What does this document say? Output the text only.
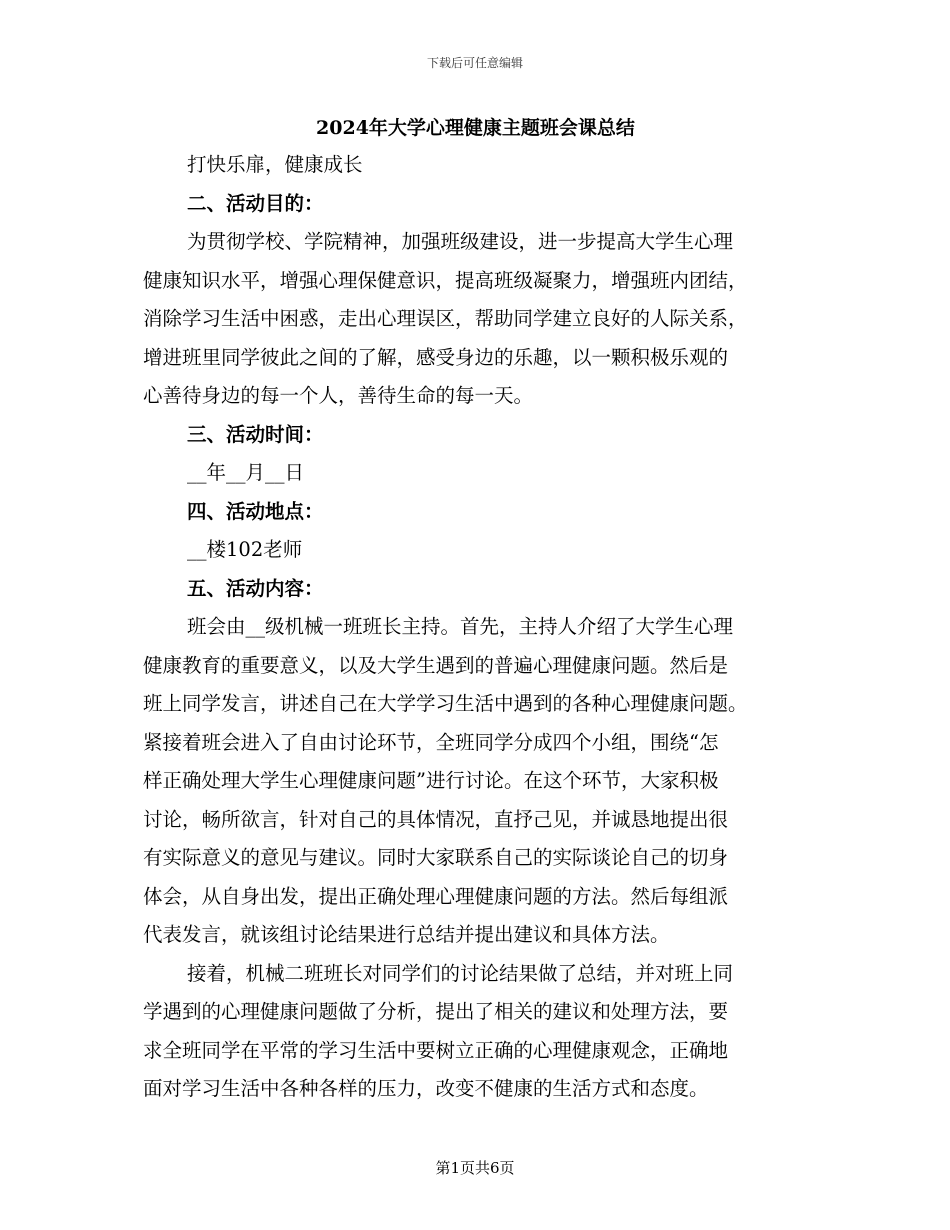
下载后可任意编辑
2024年大学心理健康主题班会课总结
打快乐扉，健康成长
二、活动目的：
为贯彻学校、学院精神，加强班级建设，进一步提高大学生心理
健康知识水平，增强心理保健意识，提高班级凝聚力，增强班内团结，
消除学习生活中困惑，走出心理误区，帮助同学建立良好的人际关系，
增进班里同学彼此之间的了解，感受身边的乐趣，以一颗积极乐观的
心善待身边的每一个人，善待生命的每一天。
三、活动时间：
__年__月__日
四、活动地点：
__楼102老师
五、活动内容：
班会由__级机械一班班长主持。首先，主持人介绍了大学生心理
健康教育的重要意义，以及大学生遇到的普遍心理健康问题。然后是
班上同学发言，讲述自己在大学学习生活中遇到的各种心理健康问题。
紧接着班会进入了自由讨论环节，全班同学分成四个小组，围绕“怎
样正确处理大学生心理健康问题”进行讨论。在这个环节，大家积极
讨论，畅所欲言，针对自己的具体情况，直抒己见，并诚恳地提出很
有实际意义的意见与建议。同时大家联系自己的实际谈论自己的切身
体会，从自身出发，提出正确处理心理健康问题的方法。然后每组派
代表发言，就该组讨论结果进行总结并提出建议和具体方法。
接着，机械二班班长对同学们的讨论结果做了总结，并对班上同
学遇到的心理健康问题做了分析，提出了相关的建议和处理方法，要
求全班同学在平常的学习生活中要树立正确的心理健康观念，正确地
面对学习生活中各种各样的压力，改变不健康的生活方式和态度。
第1页共6页
